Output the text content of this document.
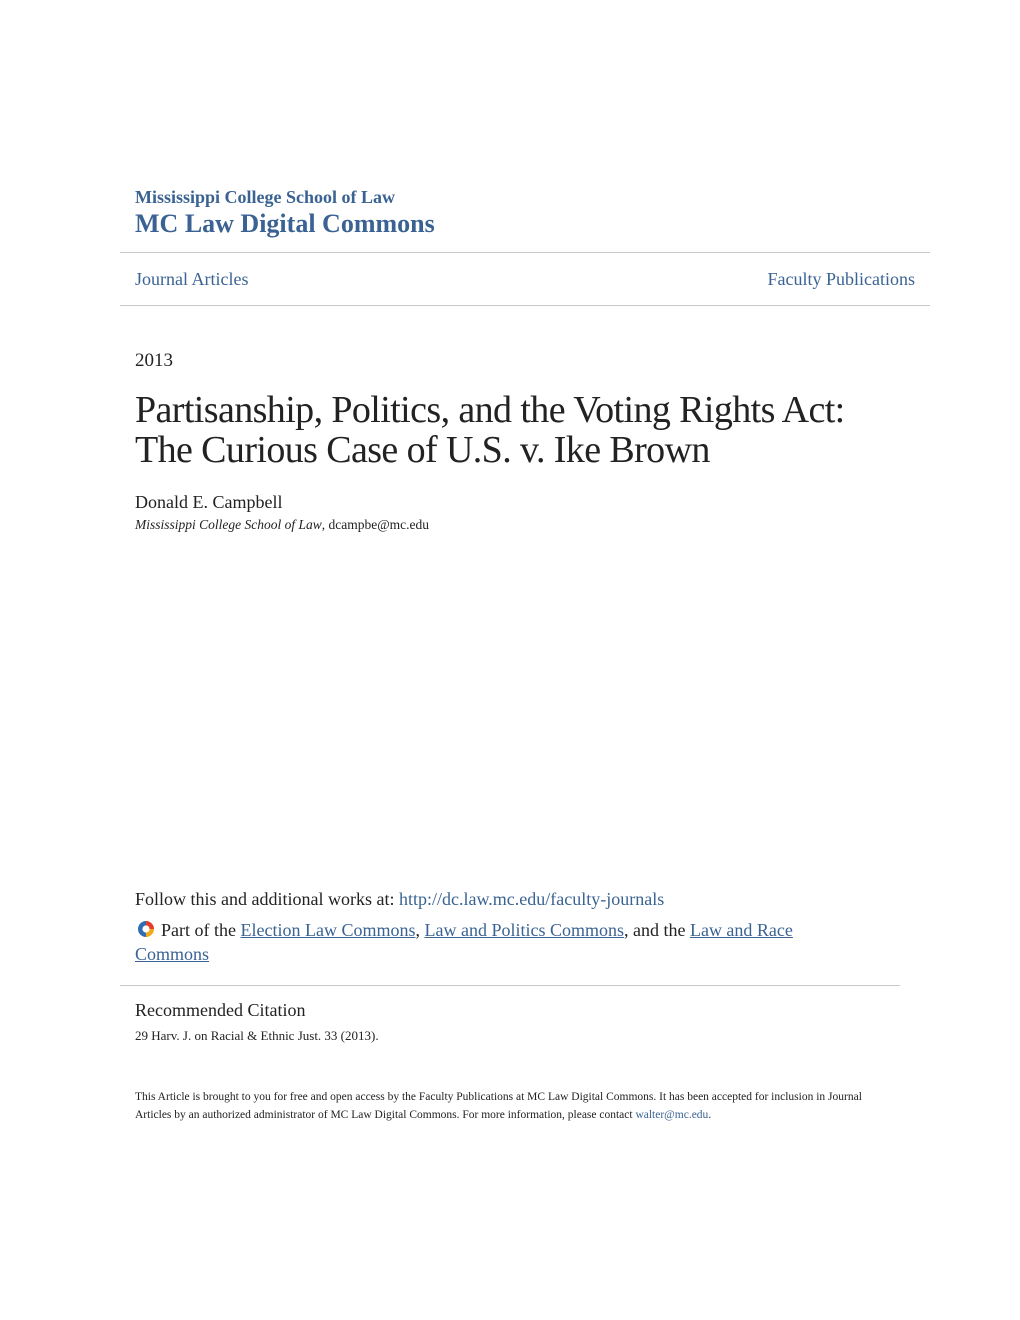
Mississippi College School of Law
MC Law Digital Commons
Journal Articles	Faculty Publications
2013
Partisanship, Politics, and the Voting Rights Act:
The Curious Case of U.S. v. Ike Brown
Donald E. Campbell
Mississippi College School of Law, dcampbe@mc.edu
Follow this and additional works at: http://dc.law.mc.edu/faculty-journals
Part of the Election Law Commons, Law and Politics Commons, and the Law and Race Commons
Recommended Citation
29 Harv. J. on Racial & Ethnic Just. 33 (2013).
This Article is brought to you for free and open access by the Faculty Publications at MC Law Digital Commons. It has been accepted for inclusion in Journal Articles by an authorized administrator of MC Law Digital Commons. For more information, please contact walter@mc.edu.
